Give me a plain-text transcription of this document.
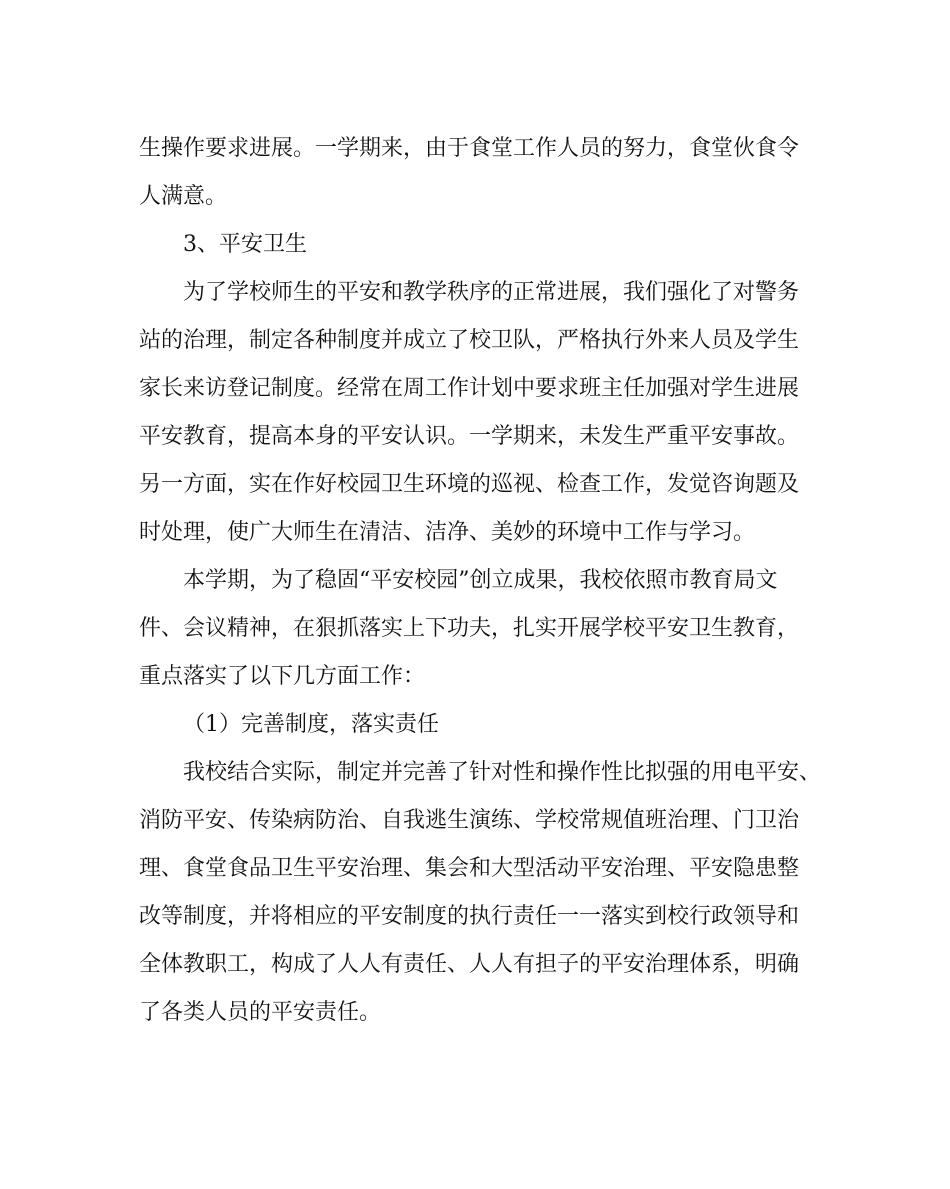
生操作要求进展。一学期来，由于食堂工作人员的努力，食堂伙食令
人满意。
3、平安卫生
为了学校师生的平安和教学秩序的正常进展，我们强化了对警务
站的治理，制定各种制度并成立了校卫队，严格执行外来人员及学生
家长来访登记制度。经常在周工作计划中要求班主任加强对学生进展
平安教育，提高本身的平安认识。一学期来，未发生严重平安事故。
另一方面，实在作好校园卫生环境的巡视、检查工作，发觉咨询题及
时处理，使广大师生在清洁、洁净、美妙的环境中工作与学习。
本学期，为了稳固“平安校园”创立成果，我校依照市教育局文
件、会议精神，在狠抓落实上下功夫，扎实开展学校平安卫生教育，
重点落实了以下几方面工作：
（1）完善制度，落实责任
我校结合实际，制定并完善了针对性和操作性比拟强的用电平安、
消防平安、传染病防治、自我逃生演练、学校常规值班治理、门卫治
理、食堂食品卫生平安治理、集会和大型活动平安治理、平安隐患整
改等制度，并将相应的平安制度的执行责任一一落实到校行政领导和
全体教职工，构成了人人有责任、人人有担子的平安治理体系，明确
了各类人员的平安责任。
